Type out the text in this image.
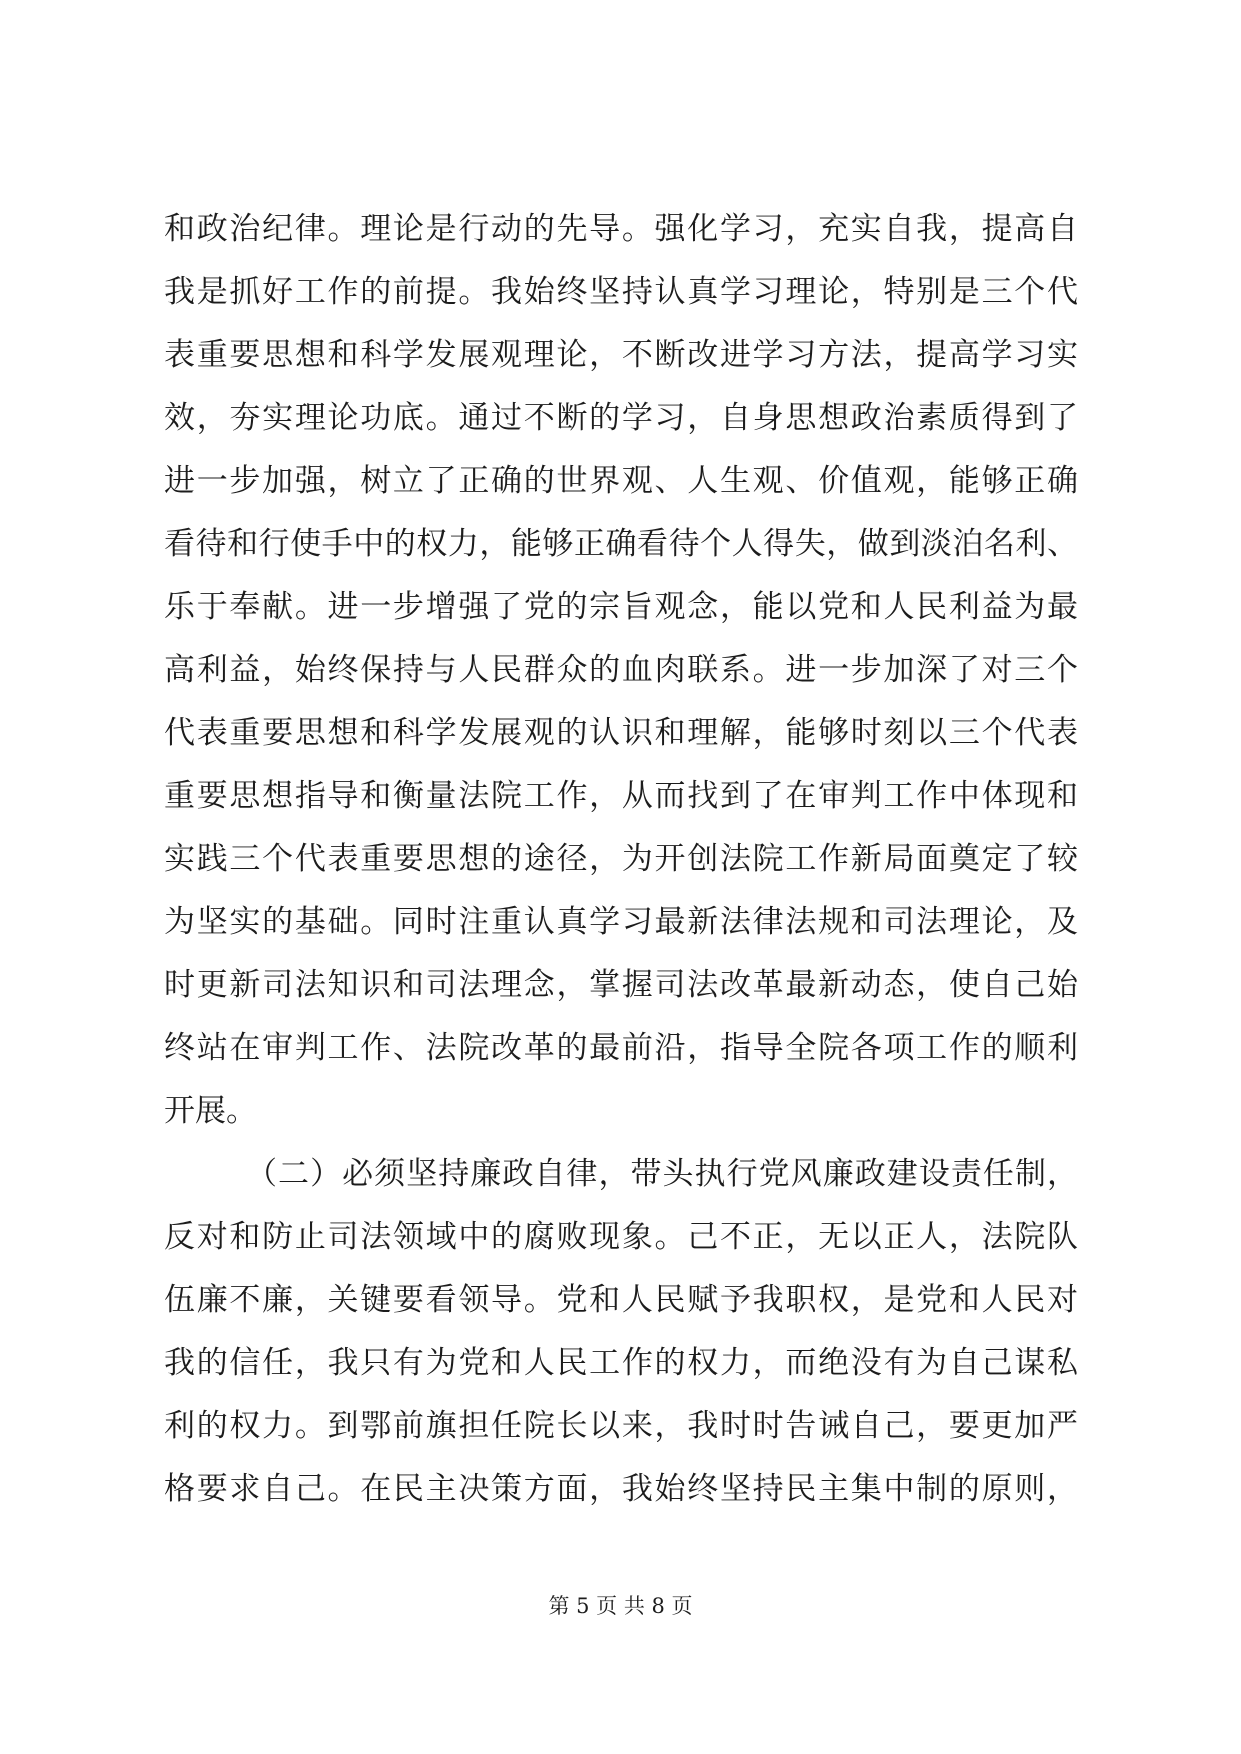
和政治纪律。理论是行动的先导。强化学习，充实自我，提高自
我是抓好工作的前提。我始终坚持认真学习理论，特别是三个代
表重要思想和科学发展观理论，不断改进学习方法，提高学习实
效，夯实理论功底。通过不断的学习，自身思想政治素质得到了
进一步加强，树立了正确的世界观、人生观、价值观，能够正确
看待和行使手中的权力，能够正确看待个人得失，做到淡泊名利、
乐于奉献。进一步增强了党的宗旨观念，能以党和人民利益为最
高利益，始终保持与人民群众的血肉联系。进一步加深了对三个
代表重要思想和科学发展观的认识和理解，能够时刻以三个代表
重要思想指导和衡量法院工作，从而找到了在审判工作中体现和
实践三个代表重要思想的途径，为开创法院工作新局面奠定了较
为坚实的基础。同时注重认真学习最新法律法规和司法理论，及
时更新司法知识和司法理念，掌握司法改革最新动态，使自己始
终站在审判工作、法院改革的最前沿，指导全院各项工作的顺利
开展。
（二）必须坚持廉政自律，带头执行党风廉政建设责任制，
反对和防止司法领域中的腐败现象。己不正，无以正人，法院队
伍廉不廉，关键要看领导。党和人民赋予我职权，是党和人民对
我的信任，我只有为党和人民工作的权力，而绝没有为自己谋私
利的权力。到鄂前旗担任院长以来，我时时告诫自己，要更加严
格要求自己。在民主决策方面，我始终坚持民主集中制的原则，
第 5 页 共 8 页
